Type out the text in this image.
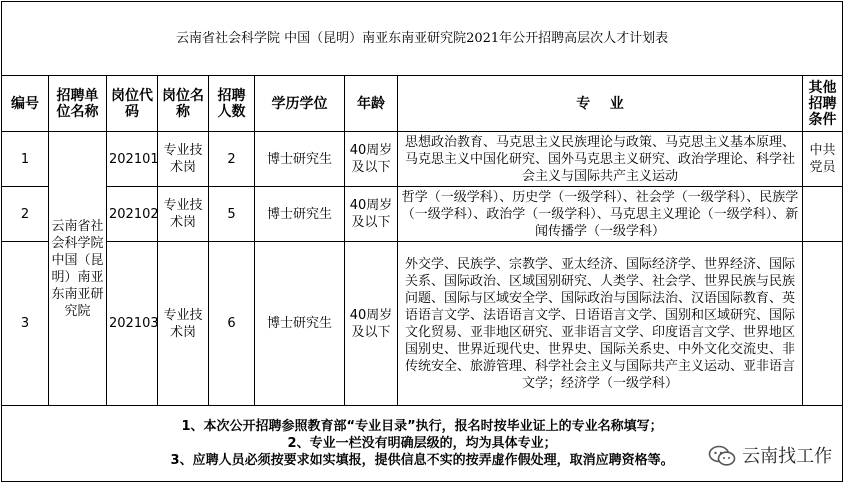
云南省社会科学院 中国（昆明）南亚东南亚研究院2021年公开招聘高层次人才计划表								
编号	招聘单位名称	岗位代码	岗位名称	招聘人数	学历学位	年龄	专    业	其他招聘条件
1	云南省社会科学院 中国（昆明）南亚东南亚研究院	202101	专业技术岗	2	博士研究生	40周岁及以下	思想政治教育、马克思主义民族理论与政策、马克思主义基本原理、马克思主义中国化研究、国外马克思主义研究、政治学理论、科学社会主义与国际共产主义运动	中共党员
2		202102	专业技术岗	5	博士研究生	40周岁及以下	哲学（一级学科）、历史学（一级学科）、社会学（一级学科）、民族学（一级学科）、政治学（一级学科）、马克思主义理论（一级学科）、新闻传播学（一级学科）	
3		202103	专业技术岗	6	博士研究生	40周岁及以下	外交学、民族学、宗教学、亚太经济、国际经济学、世界经济、国际关系、国际政治、区域国别研究、人类学、社会学、世界民族与民族问题、国际与区域安全学、国际政治与国际法治、汉语国际教育、英语语言文学、法语语言文学、日语语言文学、国别和区域研究、国际文化贸易、亚非地区研究、亚非语言文学、印度语言文学、世界地区国别史、世界近现代史、世界史、国际关系史、中外文化交流史、非传统安全、旅游管理、科学社会主义与国际共产主义运动、亚非语言文学；经济学（一级学科）	

1、本次公开招聘参照教育部“专业目录”执行，报名时按毕业证上的专业名称填写；
2、专业一栏没有明确层级的，均为具体专业；
3、应聘人员必须按要求如实填报，提供信息不实的按弄虚作假处理，取消应聘资格等。 云南找工作								
